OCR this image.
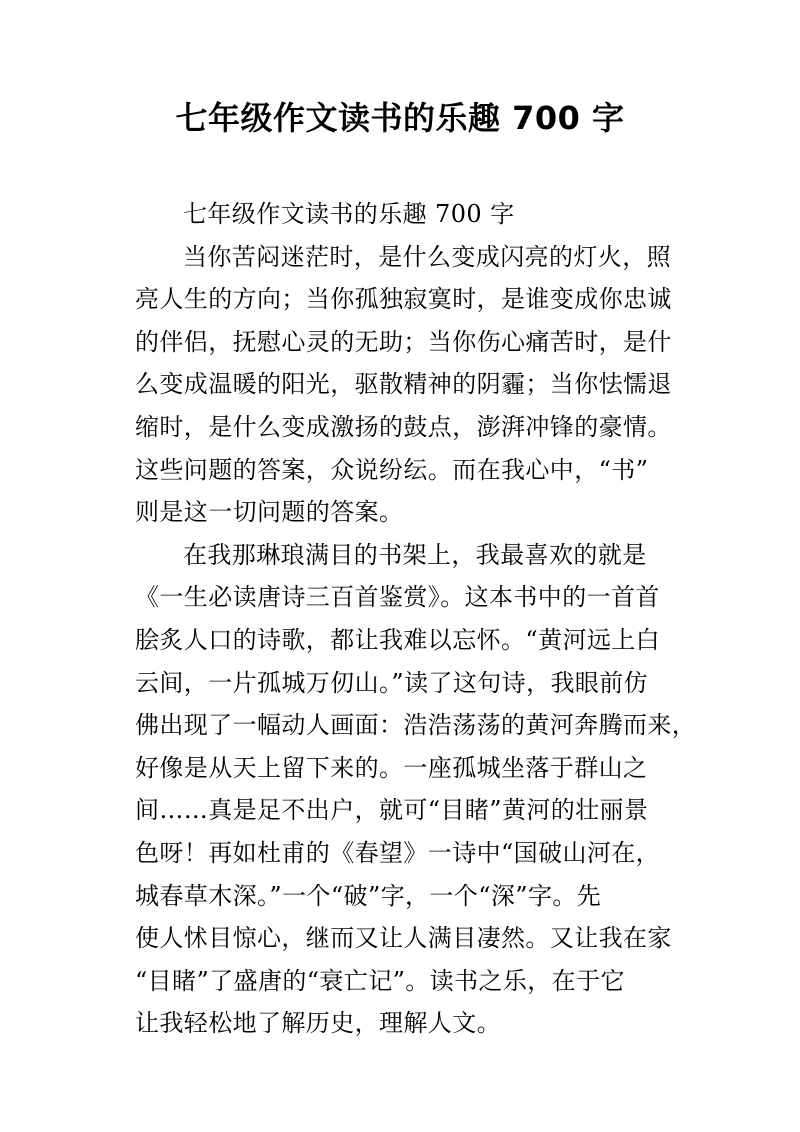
七年级作文读书的乐趣 700 字
七年级作文读书的乐趣 700 字
当你苦闷迷茫时，是什么变成闪亮的灯火，照
亮人生的方向；当你孤独寂寞时，是谁变成你忠诚
的伴侣，抚慰心灵的无助；当你伤心痛苦时，是什
么变成温暖的阳光，驱散精神的阴霾；当你怯懦退
缩时，是什么变成激扬的鼓点，澎湃冲锋的豪情。
这些问题的答案，众说纷纭。而在我心中，“书”
则是这一切问题的答案。
在我那琳琅满目的书架上，我最喜欢的就是
《一生必读唐诗三百首鉴赏》。这本书中的一首首
脍炙人口的诗歌，都让我难以忘怀。“黄河远上白
云间，一片孤城万仞山。”读了这句诗，我眼前仿
佛出现了一幅动人画面：浩浩荡荡的黄河奔腾而来，
好像是从天上留下来的。一座孤城坐落于群山之
间……真是足不出户，就可“目睹”黄河的壮丽景
色呀！再如杜甫的《春望》一诗中“国破山河在，
城春草木深。”一个“破”字，一个“深”字。先
使人怵目惊心，继而又让人满目凄然。又让我在家
“目睹”了盛唐的“衰亡记”。读书之乐，在于它
让我轻松地了解历史，理解人文。
